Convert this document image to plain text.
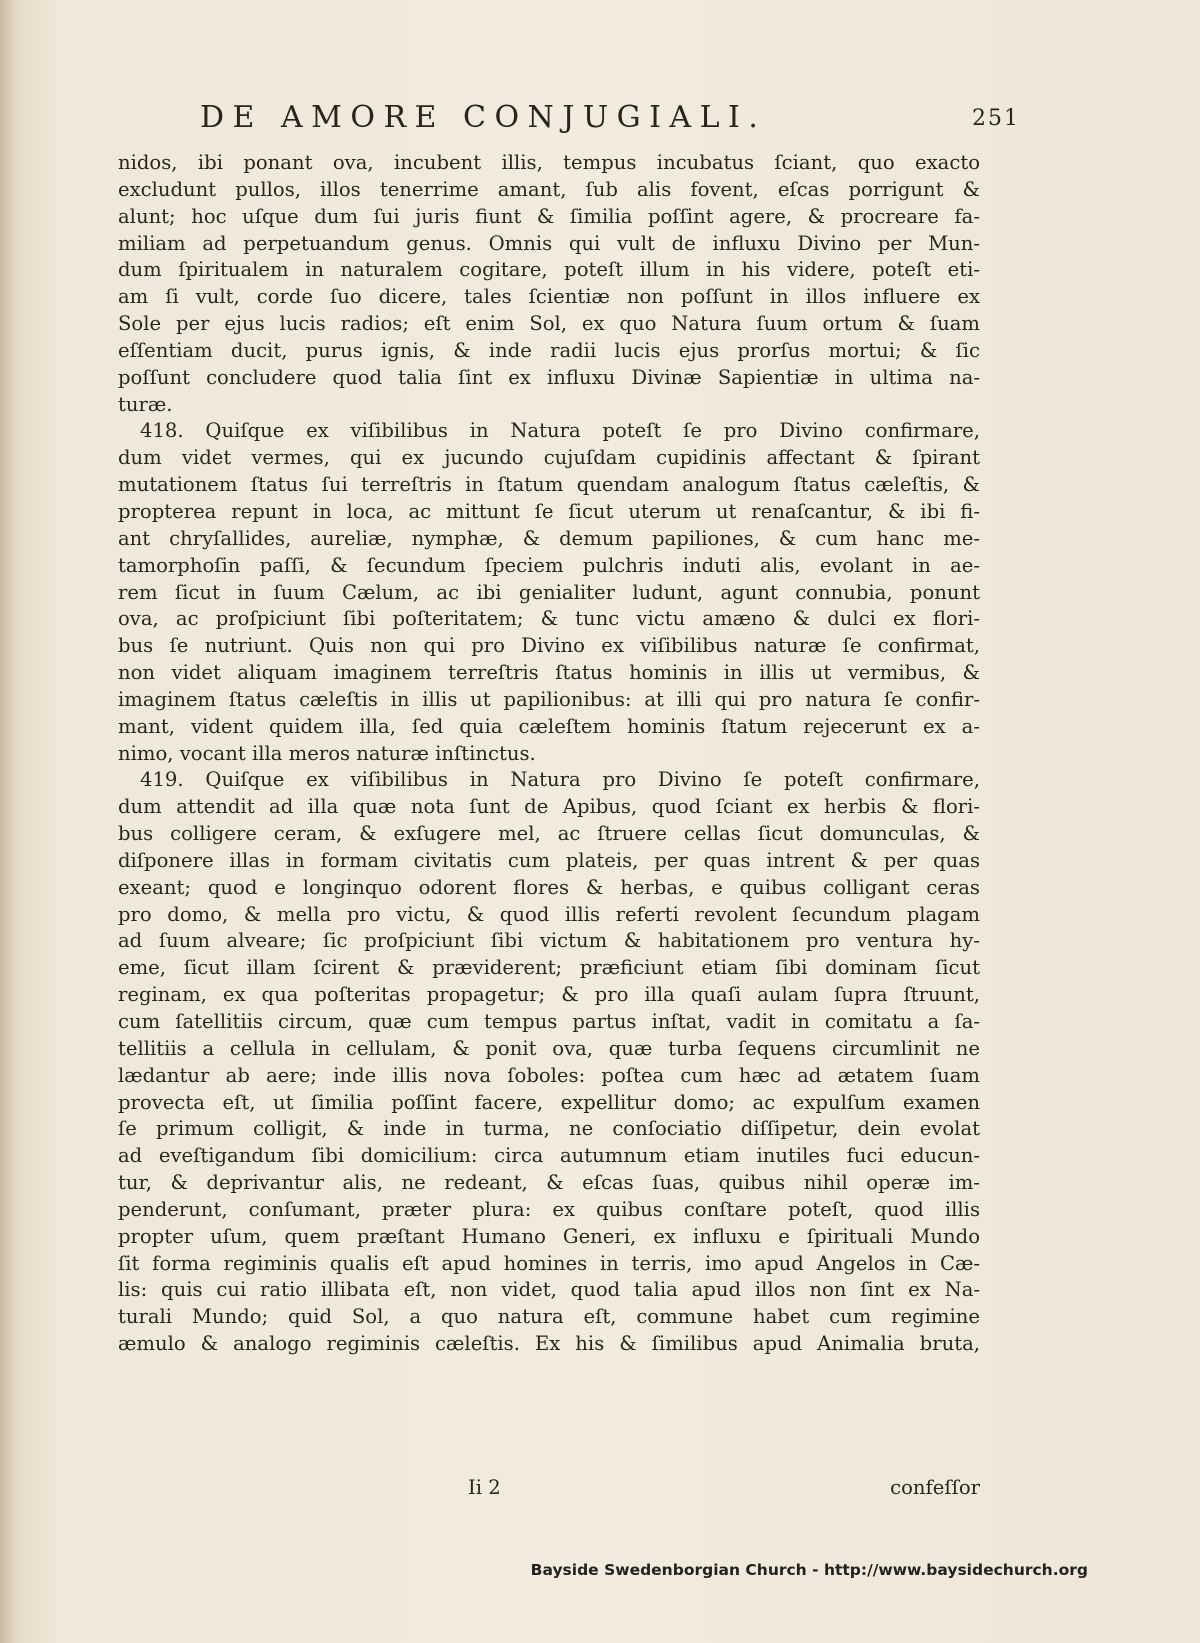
DE AMORE CONJUGIALI.	251
nidos, ibi ponant ova, incubent illis, tempus incubatus ſciant, quo exacto
excludunt pullos, illos tenerrime amant, ſub alis fovent, eſcas porrigunt &
alunt; hoc uſque dum ſui juris fiunt & ſimilia poſſint agere, & procreare fa-
miliam ad perpetuandum genus. Omnis qui vult de influxu Divino per Mun-
dum ſpiritualem in naturalem cogitare, poteſt illum in his videre, poteſt eti-
am ſi vult, corde ſuo dicere, tales ſcientiæ non poſſunt in illos influere ex
Sole per ejus lucis radios; eſt enim Sol, ex quo Natura ſuum ortum & ſuam
eſſentiam ducit, purus ignis, & inde radii lucis ejus prorſus mortui; & ſic
poſſunt concludere quod talia ſint ex influxu Divinæ Sapientiæ in ultima na-
turæ.
418. Quiſque ex viſibilibus in Natura poteſt ſe pro Divino confirmare,
dum videt vermes, qui ex jucundo cujuſdam cupidinis affectant & ſpirant
mutationem ſtatus ſui terreſtris in ſtatum quendam analogum ſtatus cæleſtis, &
propterea repunt in loca, ac mittunt ſe ſicut uterum ut renaſcantur, & ibi fi-
ant chryſallides, aureliæ, nymphæ, & demum papiliones, & cum hanc me-
tamorphoſin paſſi, & ſecundum ſpeciem pulchris induti alis, evolant in ae-
rem ſicut in ſuum Cælum, ac ibi genialiter ludunt, agunt connubia, ponunt
ova, ac proſpiciunt ſibi poſteritatem; & tunc victu amæno & dulci ex flori-
bus ſe nutriunt. Quis non qui pro Divino ex viſibilibus naturæ ſe confirmat,
non videt aliquam imaginem terreſtris ſtatus hominis in illis ut vermibus, &
imaginem ſtatus cæleſtis in illis ut papilionibus: at illi qui pro natura ſe confir-
mant, vident quidem illa, ſed quia cæleſtem hominis ſtatum rejecerunt ex a-
nimo, vocant illa meros naturæ inſtinctus.
419. Quiſque ex viſibilibus in Natura pro Divino ſe poteſt confirmare,
dum attendit ad illa quæ nota ſunt de Apibus, quod ſciant ex herbis & flori-
bus colligere ceram, & exſugere mel, ac ſtruere cellas ſicut domunculas, &
diſponere illas in formam civitatis cum plateis, per quas intrent & per quas
exeant; quod e longinquo odorent flores & herbas, e quibus colligant ceras
pro domo, & mella pro victu, & quod illis referti revolent ſecundum plagam
ad ſuum alveare; ſic proſpiciunt ſibi victum & habitationem pro ventura hy-
eme, ſicut illam ſcirent & præviderent; præficiunt etiam ſibi dominam ſicut
reginam, ex qua poſteritas propagetur; & pro illa quaſi aulam ſupra ſtruunt,
cum ſatellitiis circum, quæ cum tempus partus inſtat, vadit in comitatu a ſa-
tellitiis a cellula in cellulam, & ponit ova, quæ turba ſequens circumlinit ne
lædantur ab aere; inde illis nova ſoboles: poſtea cum hæc ad ætatem ſuam
provecta eſt, ut ſimilia poſſint facere, expellitur domo; ac expulſum examen
ſe primum colligit, & inde in turma, ne conſociatio diſſipetur, dein evolat
ad eveſtigandum ſibi domicilium: circa autumnum etiam inutiles fuci educun-
tur, & deprivantur alis, ne redeant, & eſcas ſuas, quibus nihil operæ im-
penderunt, conſumant, præter plura: ex quibus conſtare poteſt, quod illis
propter uſum, quem præſtant Humano Generi, ex influxu e ſpirituali Mundo
ſit forma regiminis qualis eſt apud homines in terris, imo apud Angelos in Cæ-
lis: quis cui ratio illibata eſt, non videt, quod talia apud illos non ſint ex Na-
turali Mundo; quid Sol, a quo natura eſt, commune habet cum regimine
æmulo & analogo regiminis cæleſtis. Ex his & ſimilibus apud Animalia bruta,
Ii 2	confeſſor
Bayside Swedenborgian Church - http://www.baysidechurch.org
